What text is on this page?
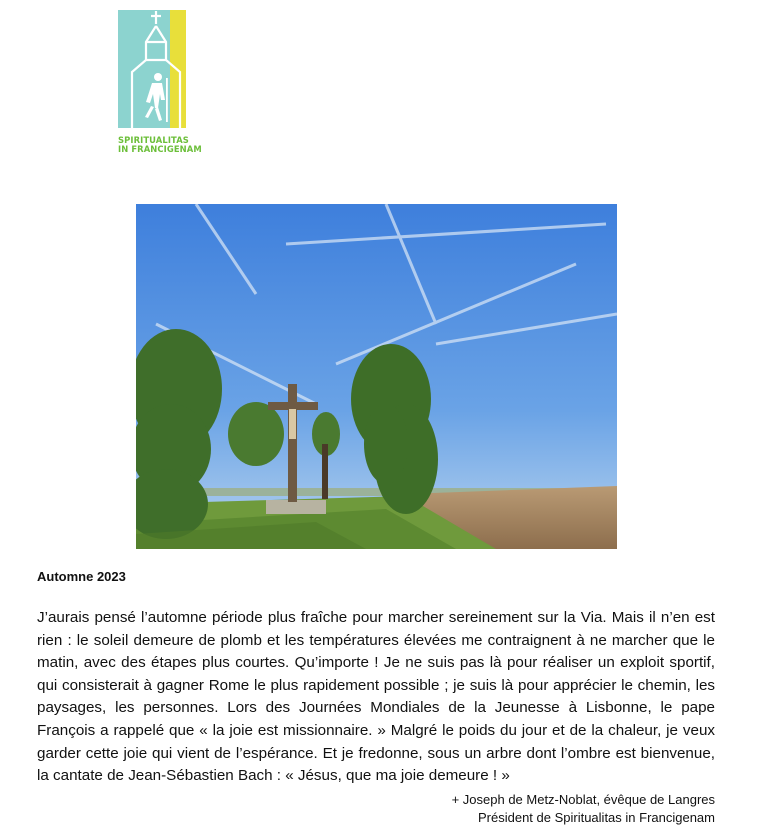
SPIRITUALITAS
IN FRANCIGENAM
Automne 2023
J’aurais pensé l’automne période plus fraîche pour marcher sereinement sur la Via. Mais il n’en est rien : le soleil demeure de plomb et les températures élevées me contraignent à ne marcher que le matin, avec des étapes plus courtes. Qu’importe ! Je ne suis pas là pour réaliser un exploit sportif, qui consisterait à gagner Rome le plus rapidement possible ; je suis là pour apprécier le chemin, les paysages, les personnes. Lors des Journées Mondiales de la Jeunesse à Lisbonne, le pape François a rappelé que « la joie est missionnaire. » Malgré le poids du jour et de la chaleur, je veux garder cette joie qui vient de l’espérance. Et je fredonne, sous un arbre dont l’ombre est bienvenue, la cantate de Jean-Sébastien Bach : « Jésus, que ma joie demeure ! »
+ Joseph de Metz-Noblat, évêque de Langres
Président de Spiritualitas in Francigenam
